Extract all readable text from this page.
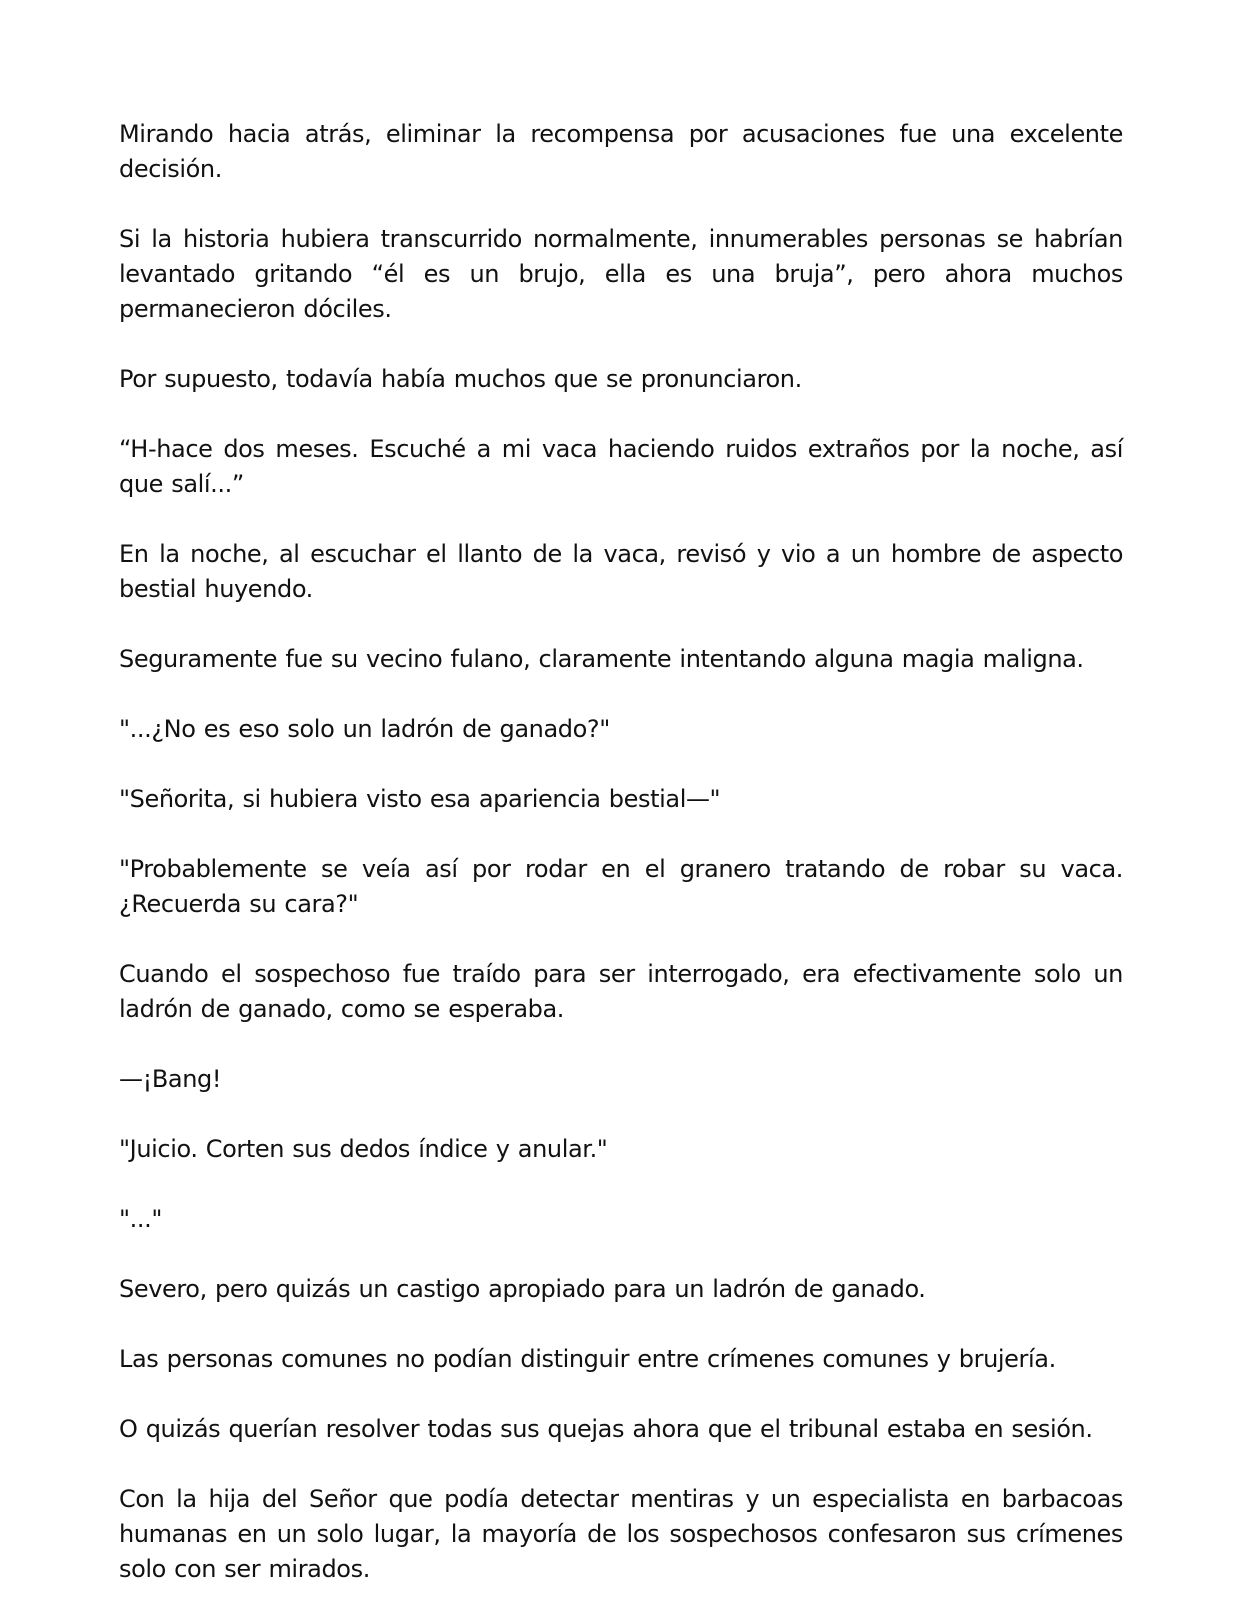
Mirando hacia atrás, eliminar la recompensa por acusaciones fue una excelente decisión.

Si la historia hubiera transcurrido normalmente, innumerables personas se habrían levantado gritando “él es un brujo, ella es una bruja”, pero ahora muchos permanecieron dóciles.

Por supuesto, todavía había muchos que se pronunciaron.

“H-hace dos meses. Escuché a mi vaca haciendo ruidos extraños por la noche, así que salí...”

En la noche, al escuchar el llanto de la vaca, revisó y vio a un hombre de aspecto bestial huyendo.

Seguramente fue su vecino fulano, claramente intentando alguna magia maligna.

"...¿No es eso solo un ladrón de ganado?"

"Señorita, si hubiera visto esa apariencia bestial—"

"Probablemente se veía así por rodar en el granero tratando de robar su vaca. ¿Recuerda su cara?"

Cuando el sospechoso fue traído para ser interrogado, era efectivamente solo un ladrón de ganado, como se esperaba.

—¡Bang!

"Juicio. Corten sus dedos índice y anular."

"..."

Severo, pero quizás un castigo apropiado para un ladrón de ganado.

Las personas comunes no podían distinguir entre crímenes comunes y brujería.

O quizás querían resolver todas sus quejas ahora que el tribunal estaba en sesión.

Con la hija del Señor que podía detectar mentiras y un especialista en barbacoas humanas en un solo lugar, la mayoría de los sospechosos confesaron sus crímenes solo con ser mirados.
